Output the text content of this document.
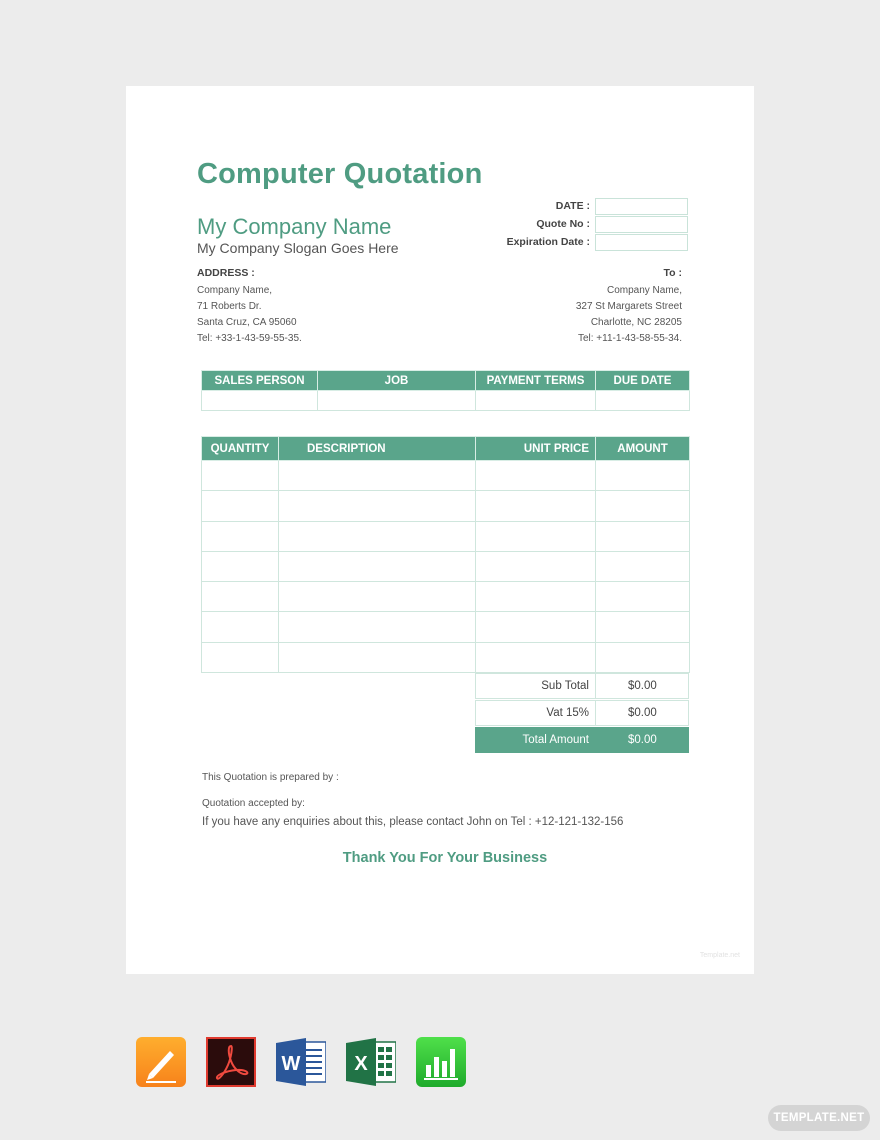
Computer Quotation
My Company Name
My Company Slogan Goes Here
DATE :
Quote No :
Expiration Date :
ADDRESS :
Company Name,
71 Roberts Dr.
Santa Cruz, CA 95060
Tel: +33-1-43-59-55-35.
To :
Company Name,
327 St Margarets Street
Charlotte, NC 28205
Tel: +11-1-43-58-55-34.
SALES PERSON	JOB	PAYMENT TERMS	DUE DATE

QUANTITY	DESCRIPTION	UNIT PRICE	AMOUNT

Sub Total	$0.00
Vat 15%	$0.00
Total Amount	$0.00
This Quotation is prepared by :
Quotation accepted by:
If you have any enquiries about this, please contact John on Tel : +12-121-132-156
Thank You For Your Business
Template.net
W	X
TEMPLATE.NET
